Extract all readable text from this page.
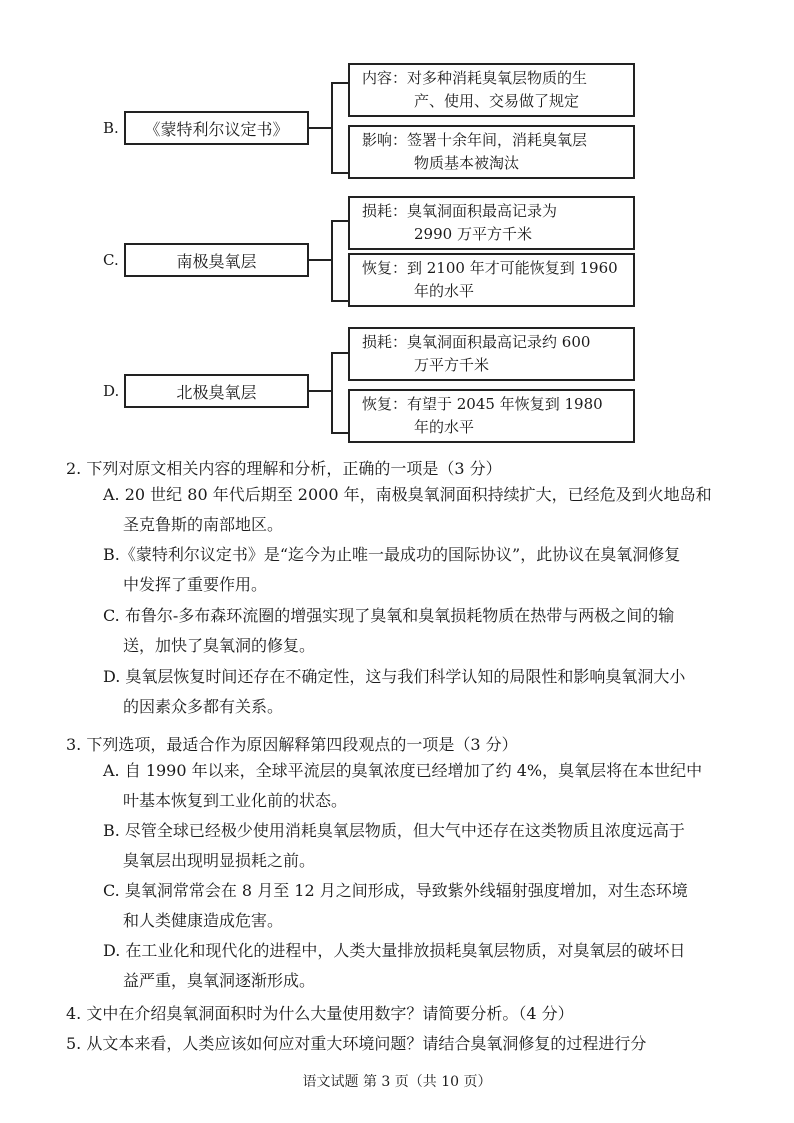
B.	《蒙特利尔议定书》
内容：对多种消耗臭氧层物质的生
产、使用、交易做了规定
影响：签署十余年间，消耗臭氧层
物质基本被淘汰
C.	南极臭氧层
损耗：臭氧洞面积最高记录为
2990 万平方千米
恢复：到 2100 年才可能恢复到 1960
年的水平
D.	北极臭氧层
损耗：臭氧洞面积最高记录约 600
万平方千米
恢复：有望于 2045 年恢复到 1980
年的水平
2. 下列对原文相关内容的理解和分析，正确的一项是（3 分）
A. 20 世纪 80 年代后期至 2000 年，南极臭氧洞面积持续扩大，已经危及到火地岛和
圣克鲁斯的南部地区。
B.《蒙特利尔议定书》是“迄今为止唯一最成功的国际协议”，此协议在臭氧洞修复
中发挥了重要作用。
C. 布鲁尔-多布森环流圈的增强实现了臭氧和臭氧损耗物质在热带与两极之间的输
送，加快了臭氧洞的修复。
D. 臭氧层恢复时间还存在不确定性，这与我们科学认知的局限性和影响臭氧洞大小
的因素众多都有关系。
3. 下列选项，最适合作为原因解释第四段观点的一项是（3 分）
A. 自 1990 年以来，全球平流层的臭氧浓度已经增加了约 4%，臭氧层将在本世纪中
叶基本恢复到工业化前的状态。
B. 尽管全球已经极少使用消耗臭氧层物质，但大气中还存在这类物质且浓度远高于
臭氧层出现明显损耗之前。
C. 臭氧洞常常会在 8 月至 12 月之间形成，导致紫外线辐射强度增加，对生态环境
和人类健康造成危害。
D. 在工业化和现代化的进程中，人类大量排放损耗臭氧层物质，对臭氧层的破坏日
益严重，臭氧洞逐渐形成。
4. 文中在介绍臭氧洞面积时为什么大量使用数字？请简要分析。（4 分）
5. 从文本来看，人类应该如何应对重大环境问题？请结合臭氧洞修复的过程进行分
语文试题 第 3 页（共 10 页）
